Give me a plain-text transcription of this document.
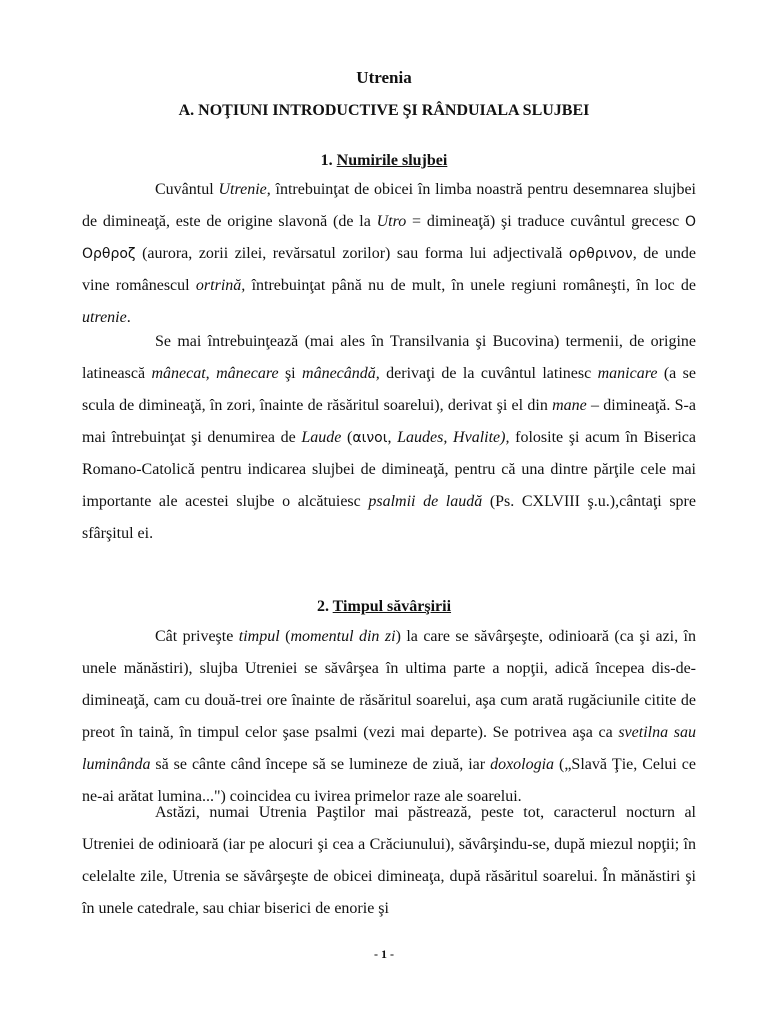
Utrenia
A. NOŢIUNI INTRODUCTIVE ŞI RÂNDUIALA SLUJBEI
1. Numirile slujbei

Cuvântul Utrenie, întrebuinţat de obicei în limba noastră pentru desemnarea slujbei de dimineaţă, este de origine slavonă (de la Utro = dimineaţă) şi traduce cuvântul grecesc Ο Ορθροζ (aurora, zorii zilei, revărsatul zorilor) sau forma lui adjectivală ορθρινον, de unde vine românescul ortrină, întrebuinţat până nu de mult, în unele regiuni româneşti, în loc de utrenie.

Se mai întrebuinţează (mai ales în Transilvania şi Bucovina) termenii, de origine latinească mânecat, mânecare şi mânecândă, derivaţi de la cuvântul latinesc manicare (a se scula de dimineaţă, în zori, înainte de răsăritul soarelui), derivat şi el din mane – dimineaţă. S-a mai întrebuinţat şi denumirea de Laude (αινοι, Laudes, Hvalite), folosite şi acum în Biserica Romano-Catolică pentru indicarea slujbei de dimineaţă, pentru că una dintre părţile cele mai importante ale acestei slujbe o alcătuiesc psalmii de laudă (Ps. CXLVIII ş.u.),cântaţi spre sfârşitul ei.

2. Timpul săvârşirii

Cât priveşte timpul (momentul din zi) la care se săvârşeşte, odinioară (ca şi azi, în unele mănăstiri), slujba Utreniei se săvârşea în ultima parte a nopţii, adică începea dis-de-dimineaţă, cam cu două-trei ore înainte de răsăritul soarelui, aşa cum arată rugăciunile citite de preot în taină, în timpul celor şase psalmi (vezi mai departe). Se potrivea aşa ca svetilna sau luminânda să se cânte când începe să se lumineze de ziuă, iar doxologia („Slavă Ţie, Celui ce ne-ai arătat lumina...") coincidea cu ivirea primelor raze ale soarelui.

Astăzi, numai Utrenia Paştilor mai păstrează, peste tot, caracterul nocturn al Utreniei de odinioară (iar pe alocuri şi cea a Crăciunului), săvârşindu-se, după miezul nopţii; în celelalte zile, Utrenia se săvârşeşte de obicei dimineaţa, după răsăritul soarelui. În mănăstiri şi în unele catedrale, sau chiar biserici de enorie şi

- 1 -
